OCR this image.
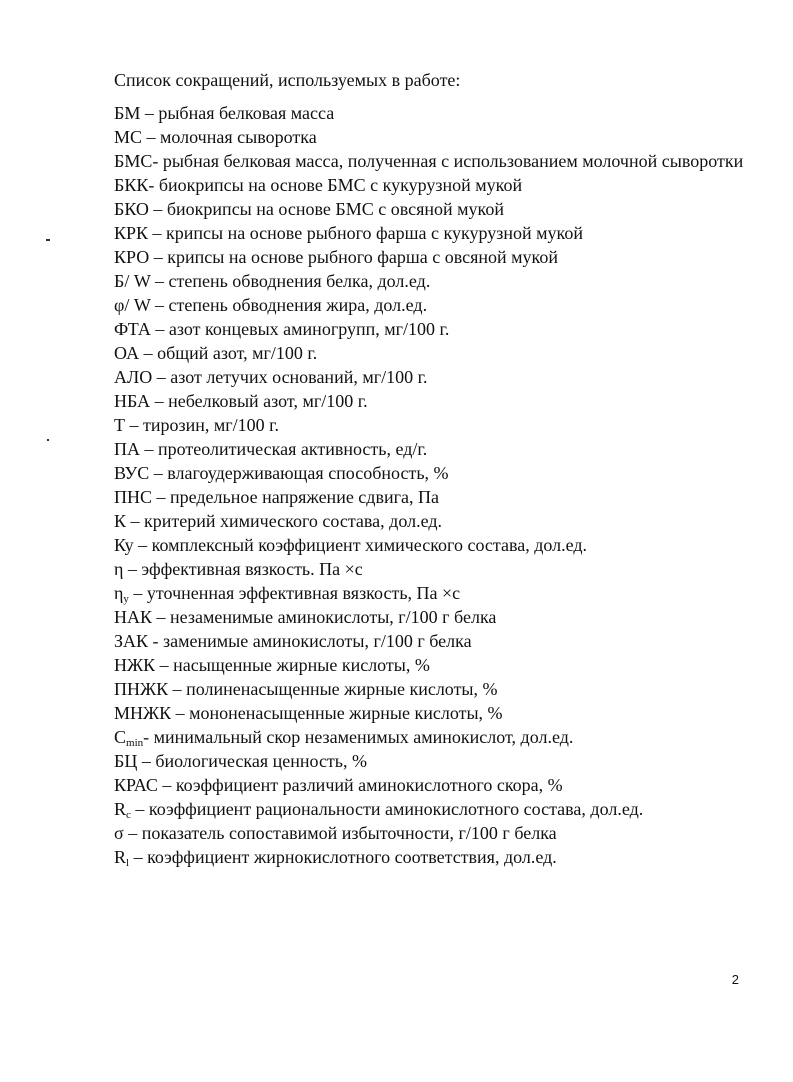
Список сокращений, используемых в работе:
БМ – рыбная белковая масса
МС – молочная сыворотка
БМС- рыбная белковая масса, полученная с использованием молочной сыворотки
БКК- биокрипсы на основе БМС с кукурузной мукой
БКО – биокрипсы на основе БМС с овсяной мукой
КРК – крипсы на основе рыбного фарша с кукурузной мукой
КРО – крипсы на основе рыбного фарша с овсяной мукой
Б/ W – степень обводнения белка, дол.ед.
φ/ W – степень обводнения жира, дол.ед.
ФТА – азот концевых аминогрупп, мг/100 г.
ОА – общий азот, мг/100 г.
АЛО – азот летучих оснований, мг/100 г.
НБА – небелковый азот, мг/100 г.
Т – тирозин, мг/100 г.
ПА – протеолитическая активность, ед/г.
ВУС – влагоудерживающая способность, %
ПНС – предельное напряжение сдвига, Па
К – критерий химического состава, дол.ед.
Ку – комплексный коэффициент химического состава, дол.ед.
η – эффективная вязкость. Па ×с
$\eta_у$ – уточненная эффективная вязкость, Па ×с
НАК – незаменимые аминокислоты, г/100 г белка
ЗАК - заменимые аминокислоты, г/100 г белка
НЖК – насыщенные жирные кислоты, %
ПНЖК – полиненасыщенные жирные кислоты, %
МНЖК – мононенасыщенные жирные кислоты, %
$С_{min}-$ минимальный скор незаменимых аминокислот, дол.ед.
БЦ – биологическая ценность, %
КРАС – коэффициент различий аминокислотного скора, %
$R_c$ – коэффициент рациональности аминокислотного состава, дол.ед.
σ – показатель сопоставимой избыточности, г/100 г белка
$R_l$ – коэффициент жирнокислотного соответствия, дол.ед.
2
